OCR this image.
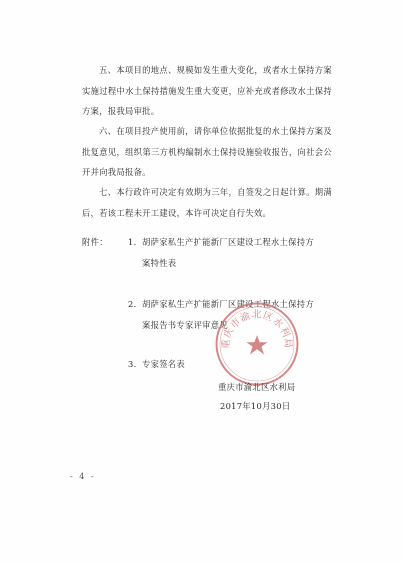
五、本项目的地点、规模如发生重大变化，或者水土保持方案实施过程中水土保持措施发生重大变更，应补充或者修改水土保持方案，报我局审批。
六、在项目投产使用前，请你单位依据批复的水土保持方案及批复意见，组织第三方机构编制水土保持设施验收报告，向社会公开并向我局报备。
七、本行政许可决定有效期为三年，自签发之日起计算。期满后，若该工程未开工建设，本许可决定自行失效。
附件： 1. 胡萨家私生产扩能新厂区建设工程水土保持方案特性表
2. 胡萨家私生产扩能新厂区建设工程水土保持方案报告书专家评审意见
3. 专家签名表
重庆市渝北区水利局
重庆市渝北区水利局
2017年10月30日
- 4 -
